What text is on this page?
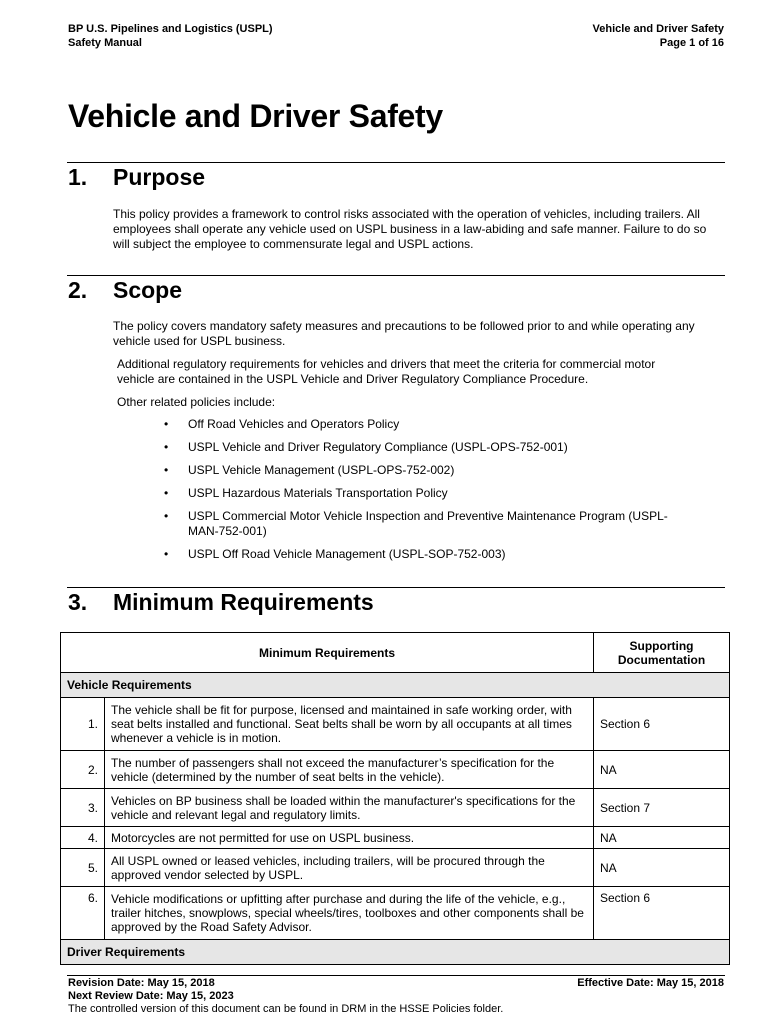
BP U.S. Pipelines and Logistics (USPL)
Safety Manual
Vehicle and Driver Safety
Page 1 of 16
Vehicle and Driver Safety
1. Purpose

This policy provides a framework to control risks associated with the operation of vehicles, including trailers. All employees shall operate any vehicle used on USPL business in a law-abiding and safe manner. Failure to do so will subject the employee to commensurate legal and USPL actions.

2. Scope

The policy covers mandatory safety measures and precautions to be followed prior to and while operating any vehicle used for USPL business.

Additional regulatory requirements for vehicles and drivers that meet the criteria for commercial motor vehicle are contained in the USPL Vehicle and Driver Regulatory Compliance Procedure.

Other related policies include:

• Off Road Vehicles and Operators Policy
• USPL Vehicle and Driver Regulatory Compliance (USPL-OPS-752-001)
• USPL Vehicle Management (USPL-OPS-752-002)
• USPL Hazardous Materials Transportation Policy
• USPL Commercial Motor Vehicle Inspection and Preventive Maintenance Program (USPL-MAN-752-001)
• USPL Off Road Vehicle Management (USPL-SOP-752-003)
3. Minimum Requirements
Minimum Requirements		Supporting Documentation
Vehicle Requirements		
1.	The vehicle shall be fit for purpose, licensed and maintained in safe working order, with seat belts installed and functional. Seat belts shall be worn by all occupants at all times whenever a vehicle is in motion.	Section 6
2.	The number of passengers shall not exceed the manufacturer’s specification for the vehicle (determined by the number of seat belts in the vehicle).	NA
3.	Vehicles on BP business shall be loaded within the manufacturer's specifications for the vehicle and relevant legal and regulatory limits.	Section 7
4.	Motorcycles are not permitted for use on USPL business.	NA
5.	All USPL owned or leased vehicles, including trailers, will be procured through the approved vendor selected by USPL.	NA
6.	Vehicle modifications or upfitting after purchase and during the life of the vehicle, e.g., trailer hitches, snowplows, special wheels/tires, toolboxes and other components shall be approved by the Road Safety Advisor.	Section 6
Driver Requirements		
Revision Date: May 15, 2018
Next Review Date: May 15, 2023
The controlled version of this document can be found in DRM in the HSSE Policies folder.
Effective Date: May 15, 2018
